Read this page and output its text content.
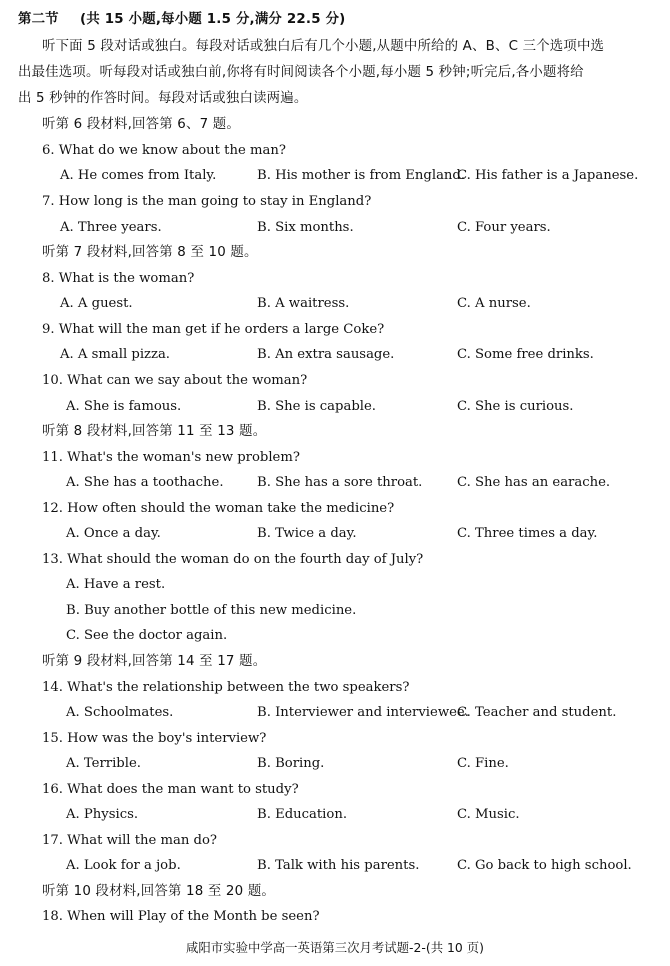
第二节 (共 15 小题,每小题 1.5 分,满分 22.5 分)
听下面 5 段对话或独白。每段对话或独白后有几个小题,从题中所给的 A、B、C 三个选项中选
出最佳选项。听每段对话或独白前,你将有时间阅读各个小题,每小题 5 秒钟;听完后,各小题将给
出 5 秒钟的作答时间。每段对话或独白读两遍。
听第 6 段材料,回答第 6、7 题。
6. What do we know about the man?
A. He comes from Italy.	B. His mother is from England.
C. His father is a Japanese.
7. How long is the man going to stay in England?
A. Three years.	B. Six months.	C. Four years.
听第 7 段材料,回答第 8 至 10 题。
8. What is the woman?
A. A guest.	B. A waitress.	C. A nurse.
9. What will the man get if he orders a large Coke?
A. A small pizza.	B. An extra sausage.	C. Some free drinks.
10. What can we say about the woman?
A. She is famous.	B. She is capable.	C. She is curious.
听第 8 段材料,回答第 11 至 13 题。
11. What's the woman's new problem?
A. She has a toothache.	B. She has a sore throat.	C. She has an earache.
12. How often should the woman take the medicine?
A. Once a day.	B. Twice a day.	C. Three times a day.
13. What should the woman do on the fourth day of July?
A. Have a rest.
B. Buy another bottle of this new medicine.
C. See the doctor again.
听第 9 段材料,回答第 14 至 17 题。
14. What's the relationship between the two speakers?
A. Schoolmates.	B. Interviewer and interviewee.
C. Teacher and student.
15. How was the boy's interview?
A. Terrible.	B. Boring.	C. Fine.
16. What does the man want to study?
A. Physics.	B. Education.	C. Music.
17. What will the man do?
A. Look for a job.	B. Talk with his parents.	C. Go back to high school.
听第 10 段材料,回答第 18 至 20 题。
18. When will Play of the Month be seen?
咸阳市实验中学高一英语第三次月考试题-2-(共 10 页)
